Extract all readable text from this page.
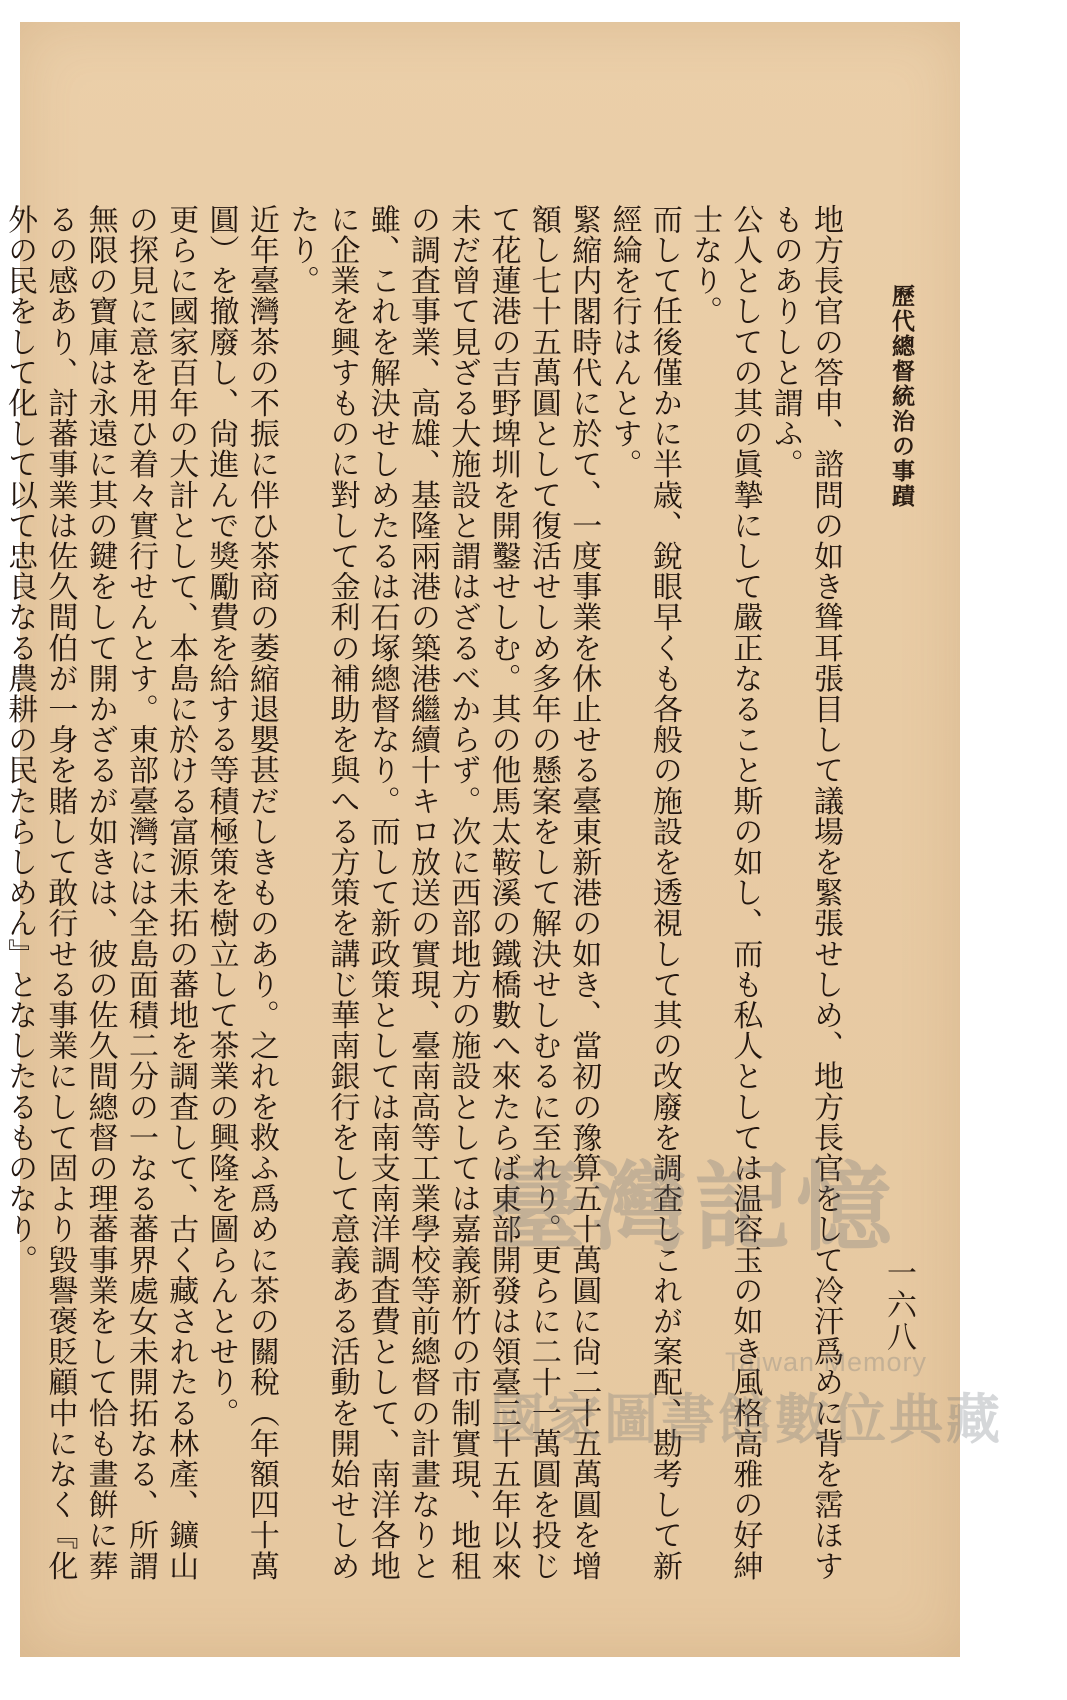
歷代總督統治の事蹟
一六八

地方長官の答申、諮問の如き聳耳張目して議場を緊張せしめ、地方長官をして冷汗爲めに背を霑ほすものありしと謂ふ。
公人としての其の眞摯にして嚴正なること斯の如し、而も私人としては温容玉の如き風格高雅の好紳士なり。

而して任後僅かに半歳、銳眼早くも各般の施設を透視して其の改廢を調査しこれが案配、勘考して新經綸を行はんとす。
緊縮内閣時代に於て、一度事業を休止せる臺東新港の如き、當初の豫算五十萬圓に尙二十五萬圓を增額し七十五萬圓として復活せしめ多年の懸案をして解決せしむるに至れり。更らに二十一萬圓を投じて花蓮港の吉野埤圳を開鑿せしむ。其の他馬太鞍溪の鐵橋數へ來たらば東部開發は領臺三十五年以來未だ曾て見ざる大施設と謂はざるべからず。次に西部地方の施設としては嘉義新竹の市制實現、地租の調査事業、高雄、基隆兩港の築港繼續十キロ放送の實現、臺南高等工業學校等前總督の計畫なりと雖、これを解決せしめたるは石塚總督なり。而して新政策としては南支南洋調査費として、南洋各地に企業を興すものに對して金利の補助を與へる方策を講じ華南銀行をして意義ある活動を開始せしめたり。

近年臺灣茶の不振に伴ひ茶商の萎縮退嬰甚だしきものあり。之れを救ふ爲めに茶の關稅（年額四十萬圓）を撤廢し、尙進んで獎勵費を給する等積極策を樹立して茶業の興隆を圖らんとせり。

更らに國家百年の大計として、本島に於ける富源未拓の蕃地を調査して、古く藏されたる林產、鑛山の探見に意を用ひ着々實行せんとす。東部臺灣には全島面積二分の一なる蕃界處女未開拓なる、所謂無限の寶庫は永遠に其の鍵をして開かざるが如きは、彼の佐久間總督の理蕃事業をして恰も畫餠に葬るの感あり、討蕃事業は佐久間伯が一身を賭して敢行せる事業にして固より毀譽褒貶顧中になく『化外の民をして化して以て忠良なる農耕の民たらしめん』となしたるものなり。	臺灣記憶
Taiwan Memory
國家圖書館數位典藏
